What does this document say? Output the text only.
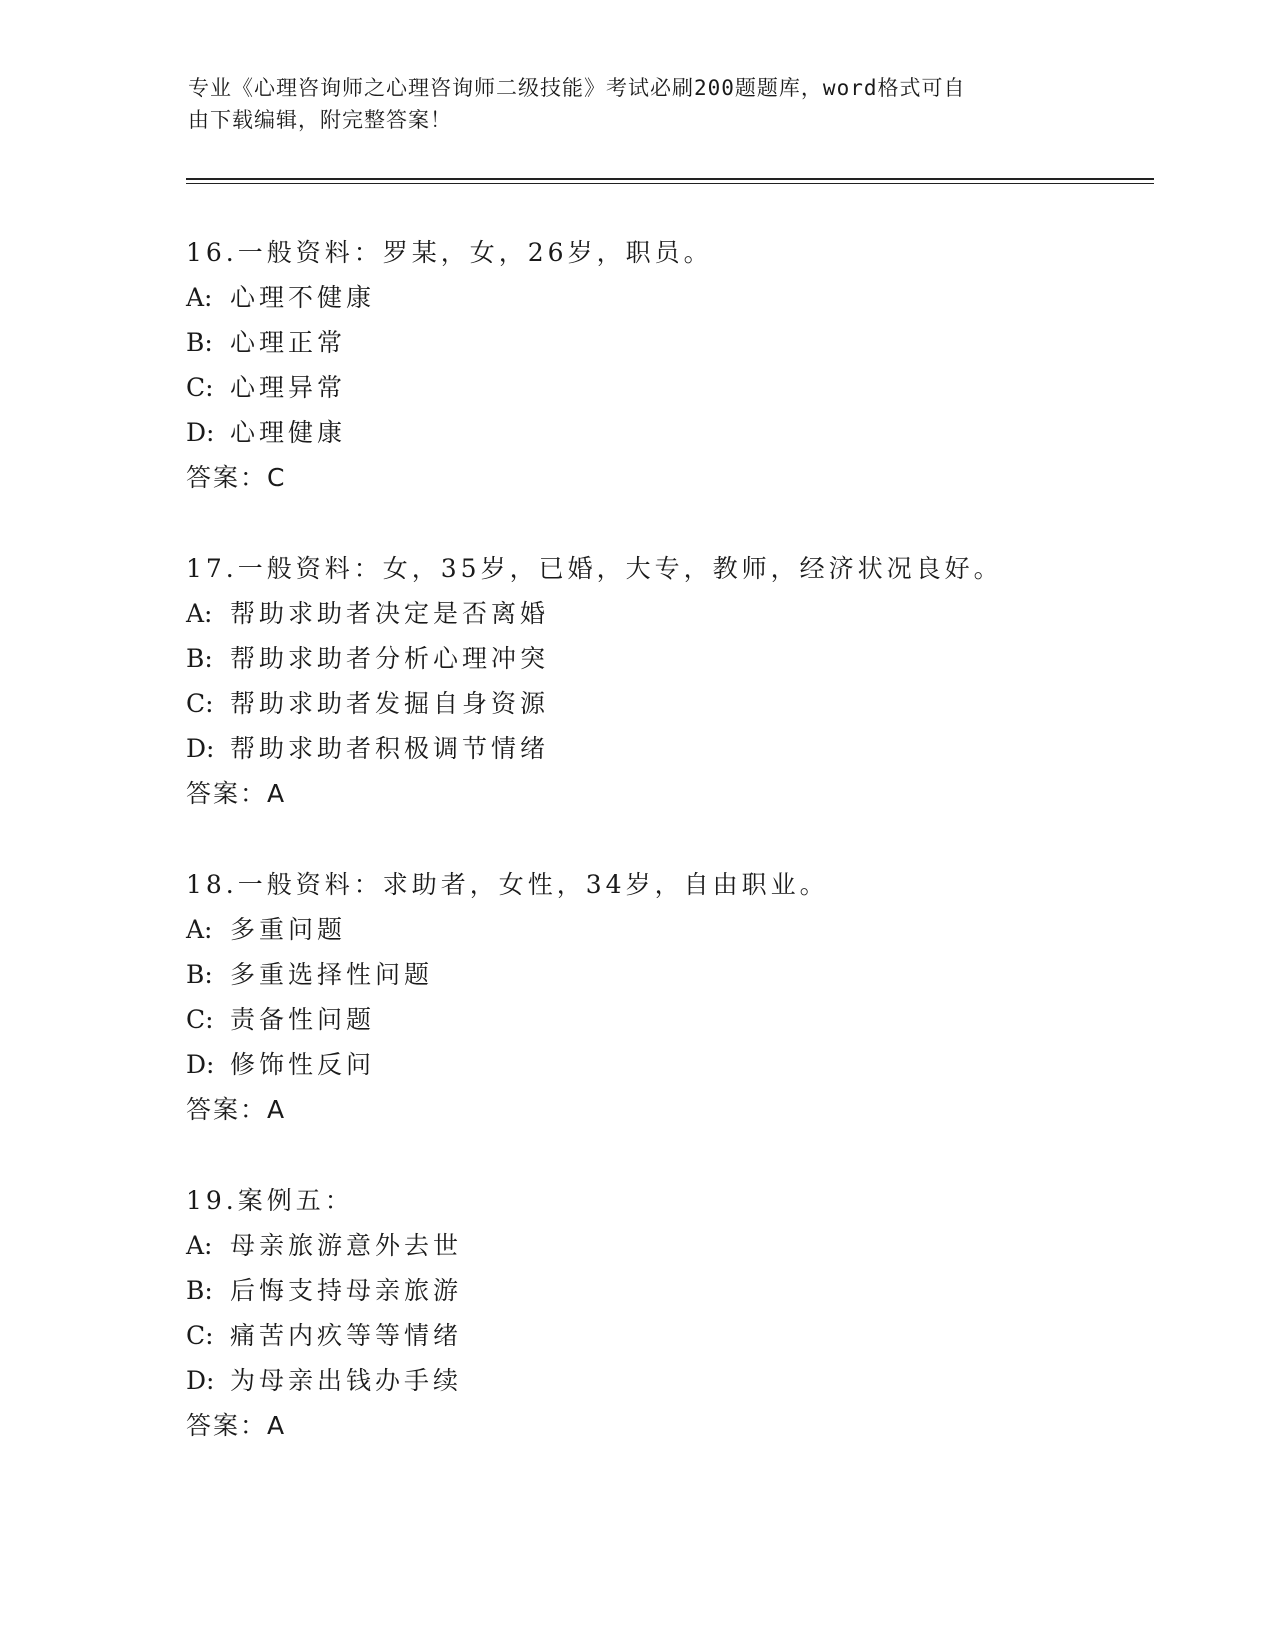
专业《心理咨询师之心理咨询师二级技能》考试必刷200题题库，word格式可自
由下载编辑，附完整答案！
16.一般资料：罗某，女，26岁，职员。
A: 心理不健康
B: 心理正常
C: 心理异常
D: 心理健康
答案：C
17.一般资料：女，35岁，已婚，大专，教师，经济状况良好。
A: 帮助求助者决定是否离婚
B: 帮助求助者分析心理冲突
C: 帮助求助者发掘自身资源
D: 帮助求助者积极调节情绪
答案：A
18.一般资料：求助者，女性，34岁，自由职业。
A: 多重问题
B: 多重选择性问题
C: 责备性问题
D: 修饰性反问
答案：A
19.案例五：
A: 母亲旅游意外去世
B: 后悔支持母亲旅游
C: 痛苦内疚等等情绪
D: 为母亲出钱办手续
答案：A
